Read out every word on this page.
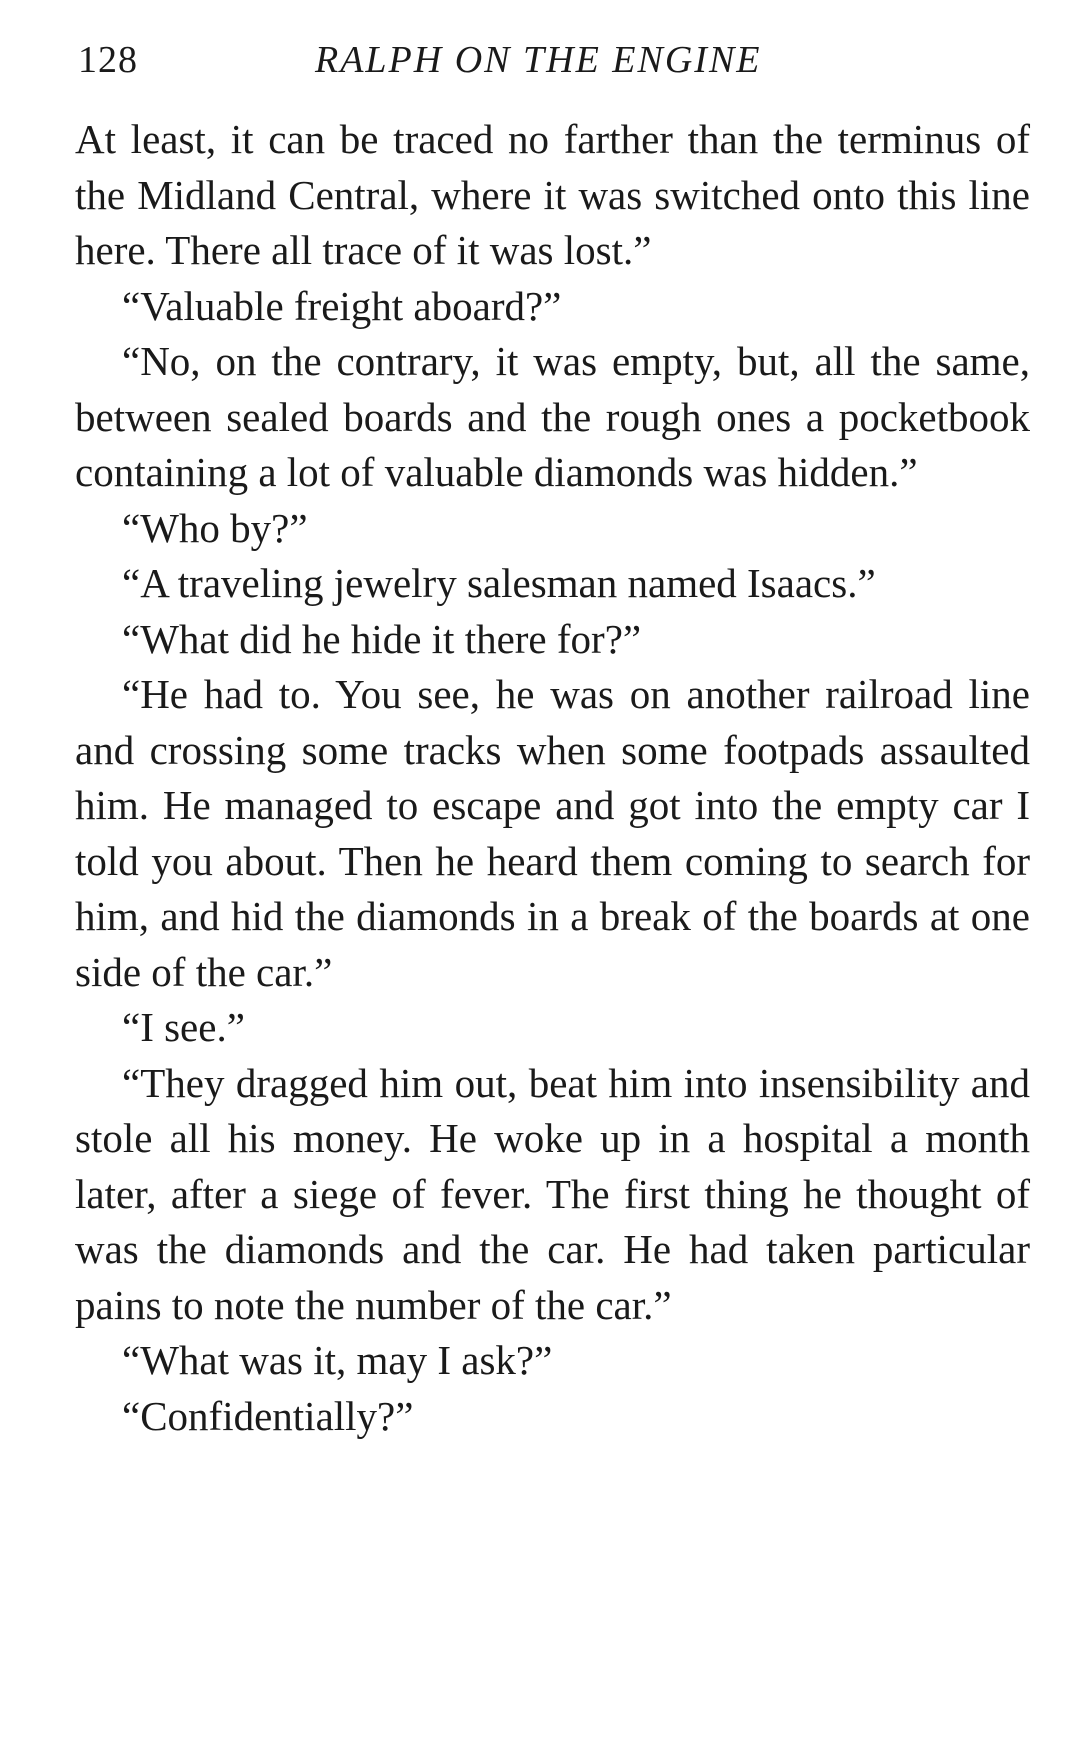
128	RALPH ON THE ENGINE

At least, it can be traced no farther than the terminus of the Midland Central, where it was switched onto this line here. There all trace of it was lost.”

“Valuable freight aboard?”

“No, on the contrary, it was empty, but, all the same, between sealed boards and the rough ones a pocketbook containing a lot of valuable diamonds was hidden.”

“Who by?”

“A traveling jewelry salesman named Isaacs.”

“What did he hide it there for?”

“He had to. You see, he was on another railroad line and crossing some tracks when some footpads assaulted him. He managed to escape and got into the empty car I told you about. Then he heard them coming to search for him, and hid the diamonds in a break of the boards at one side of the car.”

“I see.”

“They dragged him out, beat him into insensibility and stole all his money. He woke up in a hospital a month later, after a siege of fever. The first thing he thought of was the diamonds and the car. He had taken particular pains to note the number of the car.”

“What was it, may I ask?”

“Confidentially?”
